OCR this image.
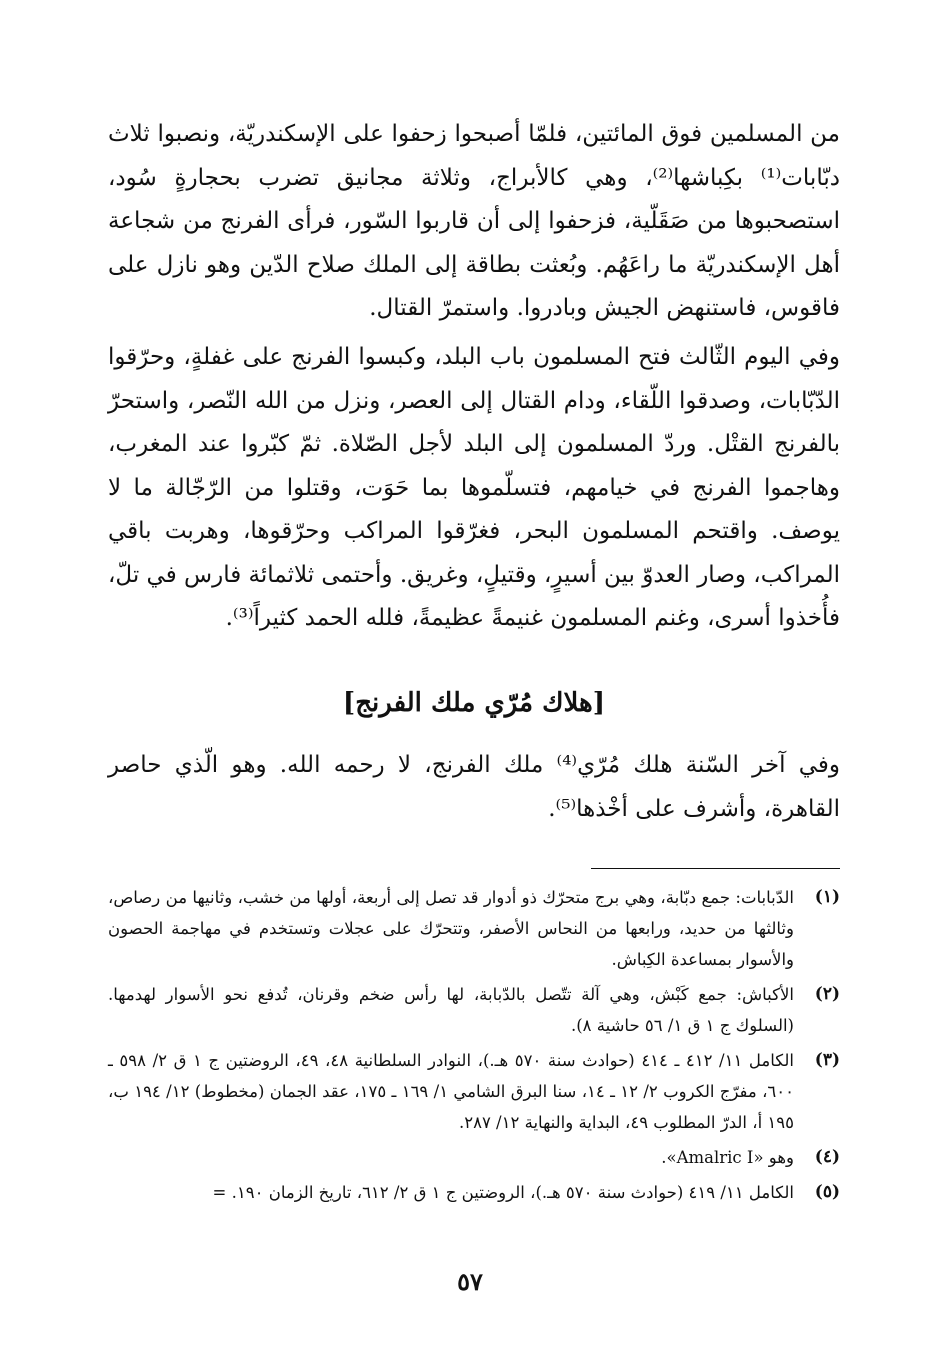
من المسلمين فوق المائتين، فلمّا أصبحوا زحفوا على الإسكندريّة، ونصبوا ثلاث دبّابات⁽¹⁾ بكِباشها⁽²⁾، وهي كالأبراج، وثلاثة مجانيق تضرب بحجارةٍ سُود، استصحبوها من صَقَلّية، فزحفوا إلى أن قاربوا السّور، فرأى الفرنج من شجاعة أهل الإسكندريّة ما راعَهُم. وبُعثت بطاقة إلى الملك صلاح الدّين وهو نازل على فاقوس، فاستنهض الجيش وبادروا. واستمرّ القتال.

وفي اليوم الثّالث فتح المسلمون باب البلد، وكبسوا الفرنج على غفلةٍ، وحرّقوا الدّبّابات، وصدقوا اللّقاء، ودام القتال إلى العصر، ونزل من الله النّصر، واستحرّ بالفرنج القتْل. وردّ المسلمون إلى البلد لأجل الصّلاة. ثمّ كبّروا عند المغرب، وهاجموا الفرنج في خيامهم، فتسلّموها بما حَوَت، وقتلوا من الرّجّالة ما لا يوصف. واقتحم المسلمون البحر، فغرّقوا المراكب وحرّقوها، وهربت باقي المراكب، وصار العدوّ بين أسيرٍ، وقتيلٍ، وغريق. وأحتمى ثلاثمائة فارس في تلّ، فأُخذوا أسرى، وغنم المسلمون غنيمةً عظيمةً، فلله الحمد كثيراً⁽³⁾.

[هلاك مُرّي ملك الفرنج]

وفي آخر السّنة هلك مُرّي⁽⁴⁾ ملك الفرنج، لا رحمه الله. وهو الّذي حاصر القاهرة، وأشرف على أخْذها⁽⁵⁾.

(١)
الدّبابات: جمع دبّابة، وهي برج متحرّك ذو أدوار قد تصل إلى أربعة، أولها من خشب، وثانيها من رصاص، وثالثها من حديد، ورابعها من النحاس الأصفر، وتتحرّك على عجلات وتستخدم في مهاجمة الحصون والأسوار بمساعدة الكِباش.
(٢)
الأكباش: جمع كَبْش، وهي آلة تتّصل بالدّبابة، لها رأس ضخم وقرنان، تُدفع نحو الأسوار لهدمها. (السلوك ج ١ ق ١/ ٥٦ حاشية ٨).
(٣)
الكامل ١١/ ٤١٢ ـ ٤١٤ (حوادث سنة ٥٧٠ هـ.)، النوادر السلطانية ٤٨، ٤٩، الروضتين ج ١ ق ٢/ ٥٩٨ ـ ٦٠٠، مفرّج الكروب ٢/ ١٢ ـ ١٤، سنا البرق الشامي ١/ ١٦٩ ـ ١٧٥، عقد الجمان (مخطوط) ١٢/ ١٩٤ ب، ١٩٥ أ، الدرّ المطلوب ٤٩، البداية والنهاية ١٢/ ٢٨٧.
(٤)
وهو «Amalric I».
(٥)
الكامل ١١/ ٤١٩ (حوادث سنة ٥٧٠ هـ.)، الروضتين ج ١ ق ٢/ ٦١٢، تاريخ الزمان ١٩٠. =
٥٧
